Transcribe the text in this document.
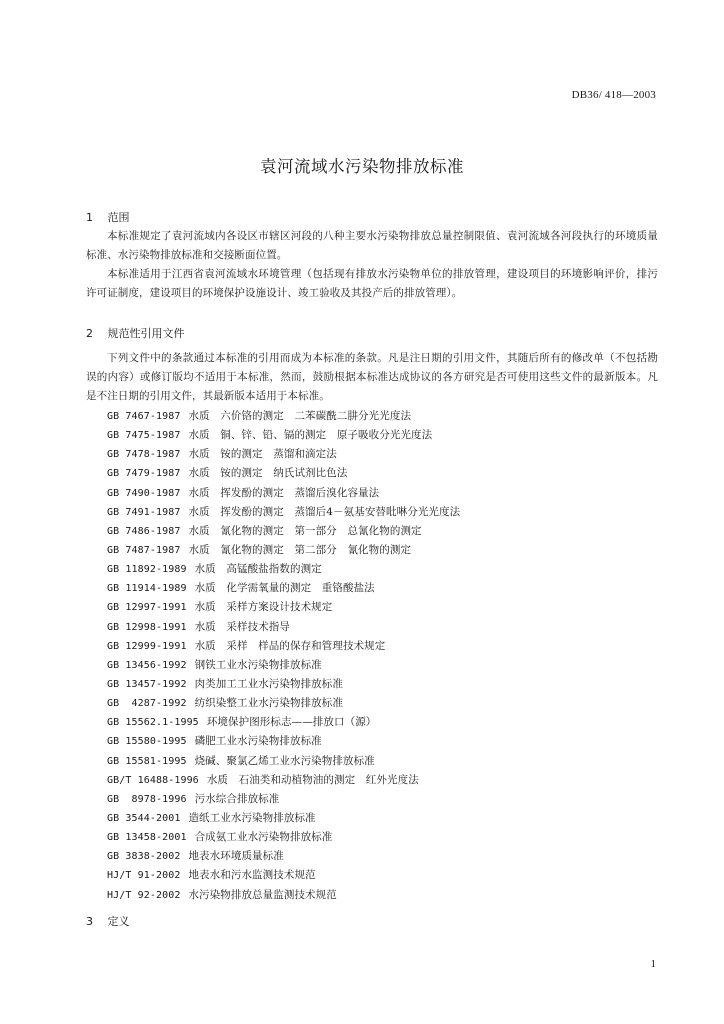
DB36/ 418—2003
袁河流域水污染物排放标准
1 范围

本标准规定了袁河流域内各设区市辖区河段的八种主要水污染物排放总量控制限值、袁河流域各河段执行的环境质量标准、水污染物排放标准和交接断面位置。

本标准适用于江西省袁河流域水环境管理（包括现有排放水污染物单位的排放管理，建设项目的环境影响评价，排污许可证制度，建设项目的环境保护设施设计、竣工验收及其投产后的排放管理）。

2 规范性引用文件

下列文件中的条款通过本标准的引用而成为本标准的条款。凡是注日期的引用文件，其随后所有的修改单（不包括勘误的内容）或修订版均不适用于本标准，然而，鼓励根据本标准达成协议的各方研究是否可使用这些文件的最新版本。凡是不注日期的引用文件，其最新版本适用于本标准。

GB 7467-1987 水质　六价铬的测定　二苯碳酰二肼分光光度法
GB 7475-1987 水质　铜、锌、铅、镉的测定　原子吸收分光光度法
GB 7478-1987 水质　铵的测定　蒸馏和滴定法
GB 7479-1987 水质　铵的测定　纳氏试剂比色法
GB 7490-1987 水质　挥发酚的测定　蒸馏后溴化容量法
GB 7491-1987 水质　挥发酚的测定　蒸馏后4－氨基安替吡啉分光光度法
GB 7486-1987 水质　氰化物的测定　第一部分　总氰化物的测定
GB 7487-1987 水质　氰化物的测定　第二部分　氰化物的测定
GB 11892-1989 水质　高锰酸盐指数的测定
GB 11914-1989 水质　化学需氧量的测定　重铬酸盐法
GB 12997-1991 水质　采样方案设计技术规定
GB 12998-1991 水质　采样技术指导
GB 12999-1991 水质　采样　样品的保存和管理技术规定
GB 13456-1992 钢铁工业水污染物排放标准
GB 13457-1992 肉类加工工业水污染物排放标准
GB  4287-1992 纺织染整工业水污染物排放标准
GB 15562.1-1995 环境保护图形标志——排放口（源）
GB 15580-1995 磷肥工业水污染物排放标准
GB 15581-1995 烧碱、聚氯乙烯工业水污染物排放标准
GB/T 16488-1996 水质　石油类和动植物油的测定　红外光度法
GB  8978-1996 污水综合排放标准
GB 3544-2001 造纸工业水污染物排放标准
GB 13458-2001 合成氨工业水污染物排放标准
GB 3838-2002 地表水环境质量标准
HJ/T 91-2002 地表水和污水监测技术规范
HJ/T 92-2002 水污染物排放总量监测技术规范
3 定义
1
